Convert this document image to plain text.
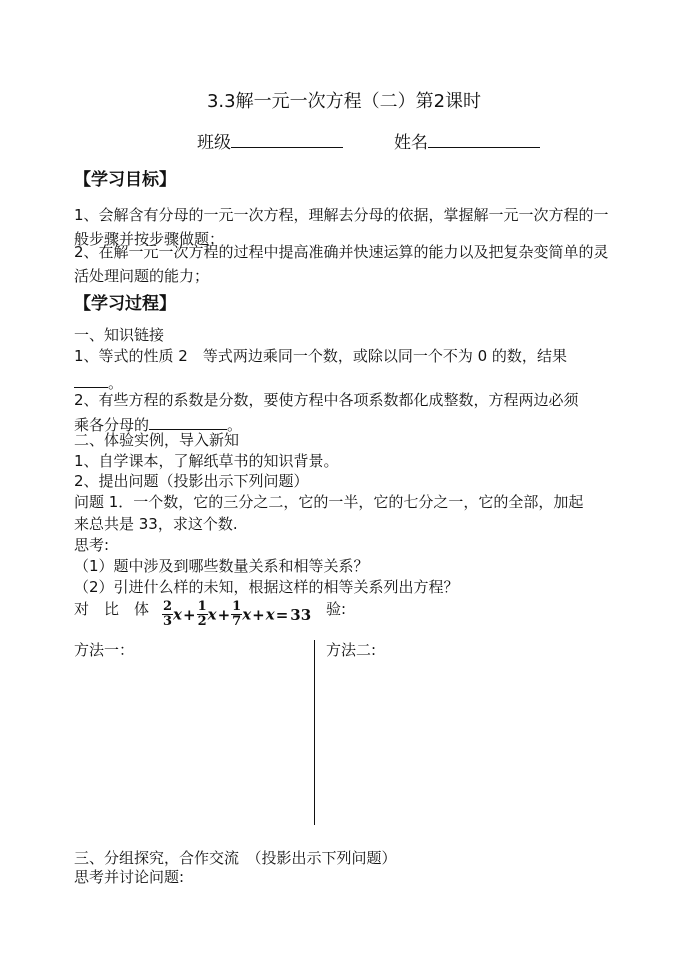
3.3解一元一次方程（二）第2课时
班级	姓名
【学习目标】
1、会解含有分母的一元一次方程，理解去分母的依据，掌握解一元一次方程的一般步骤并按步骤做题；
2、在解一元一次方程的过程中提高准确并快速运算的能力以及把复杂变简单的灵活处理问题的能力；
【学习过程】
一、知识链接
1、等式的性质 2　等式两边乘同一个数，或除以同一个不为 0 的数，结果
。
2、有些方程的系数是分数，要使方程中各项系数都化成整数，方程两边必须
乘各分母的	。
二、体验实例，导入新知
1、自学课本，了解纸草书的知识背景。
2、提出问题（投影出示下列问题）
问题 1．一个数，它的三分之二，它的一半，它的七分之一，它的全部，加起
来总共是 33，求这个数.
思考:
（1）题中涉及到哪些数量关系和相等关系？
（2）引进什么样的未知，根据这样的相等关系列出方程？
对　比　体 $\frac{2}{3} x+ \frac{1}{2} x+ \frac{1}{7} x+x= 33$ 验:
方法一：	方法二:
三、分组探究，合作交流　（投影出示下列问题）
思考并讨论问题:
